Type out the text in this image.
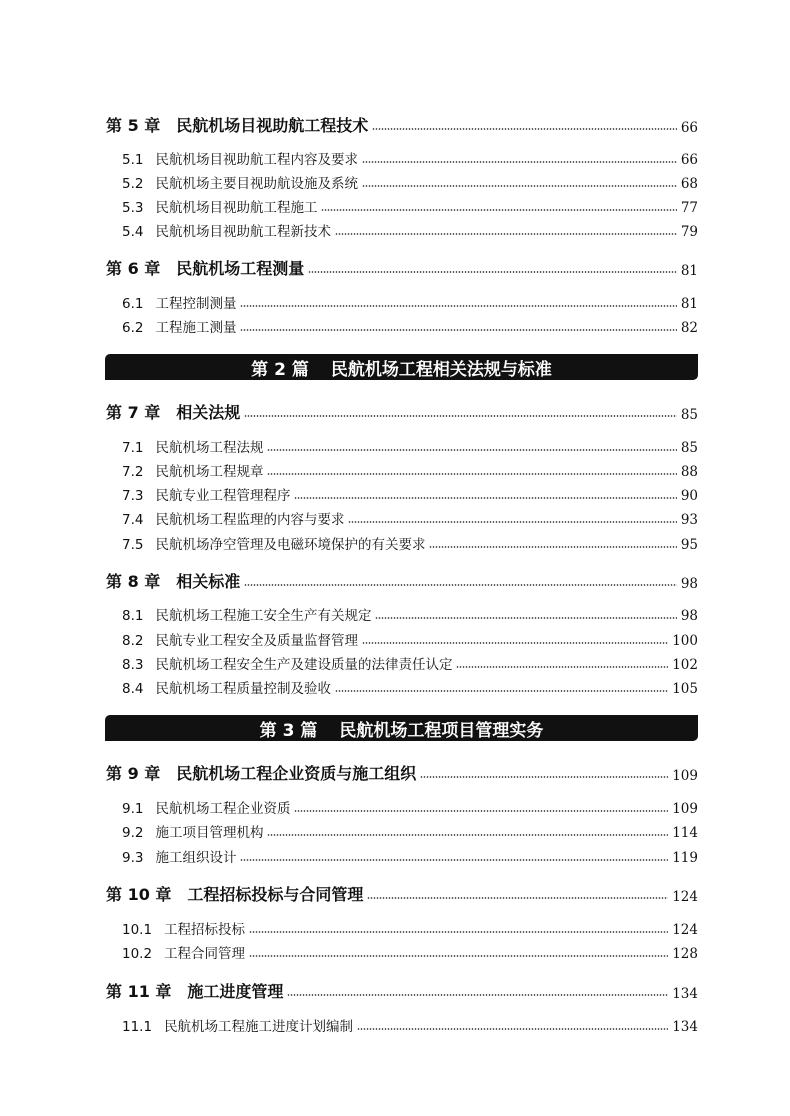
第 5 章 民航机场目视助航工程技术	66
5.1 民航机场目视助航工程内容及要求	66
5.2 民航机场主要目视助航设施及系统	68
5.3 民航机场目视助航工程施工	77
5.4 民航机场目视助航工程新技术	79
第 6 章 民航机场工程测量	81
6.1 工程控制测量	81
6.2 工程施工测量	82
第 2 篇 民航机场工程相关法规与标准
第 7 章 相关法规	85
7.1 民航机场工程法规	85
7.2 民航机场工程规章	88
7.3 民航专业工程管理程序	90
7.4 民航机场工程监理的内容与要求	93
7.5 民航机场净空管理及电磁环境保护的有关要求	95
第 8 章 相关标准	98
8.1 民航机场工程施工安全生产有关规定	98
8.2 民航专业工程安全及质量监督管理	100
8.3 民航机场工程安全生产及建设质量的法律责任认定	102
8.4 民航机场工程质量控制及验收	105
第 3 篇 民航机场工程项目管理实务
第 9 章 民航机场工程企业资质与施工组织	109
9.1 民航机场工程企业资质	109
9.2 施工项目管理机构	114
9.3 施工组织设计	119
第 10 章 工程招标投标与合同管理	124
10.1 工程招标投标	124
10.2 工程合同管理	128
第 11 章 施工进度管理	134
11.1 民航机场工程施工进度计划编制	134
